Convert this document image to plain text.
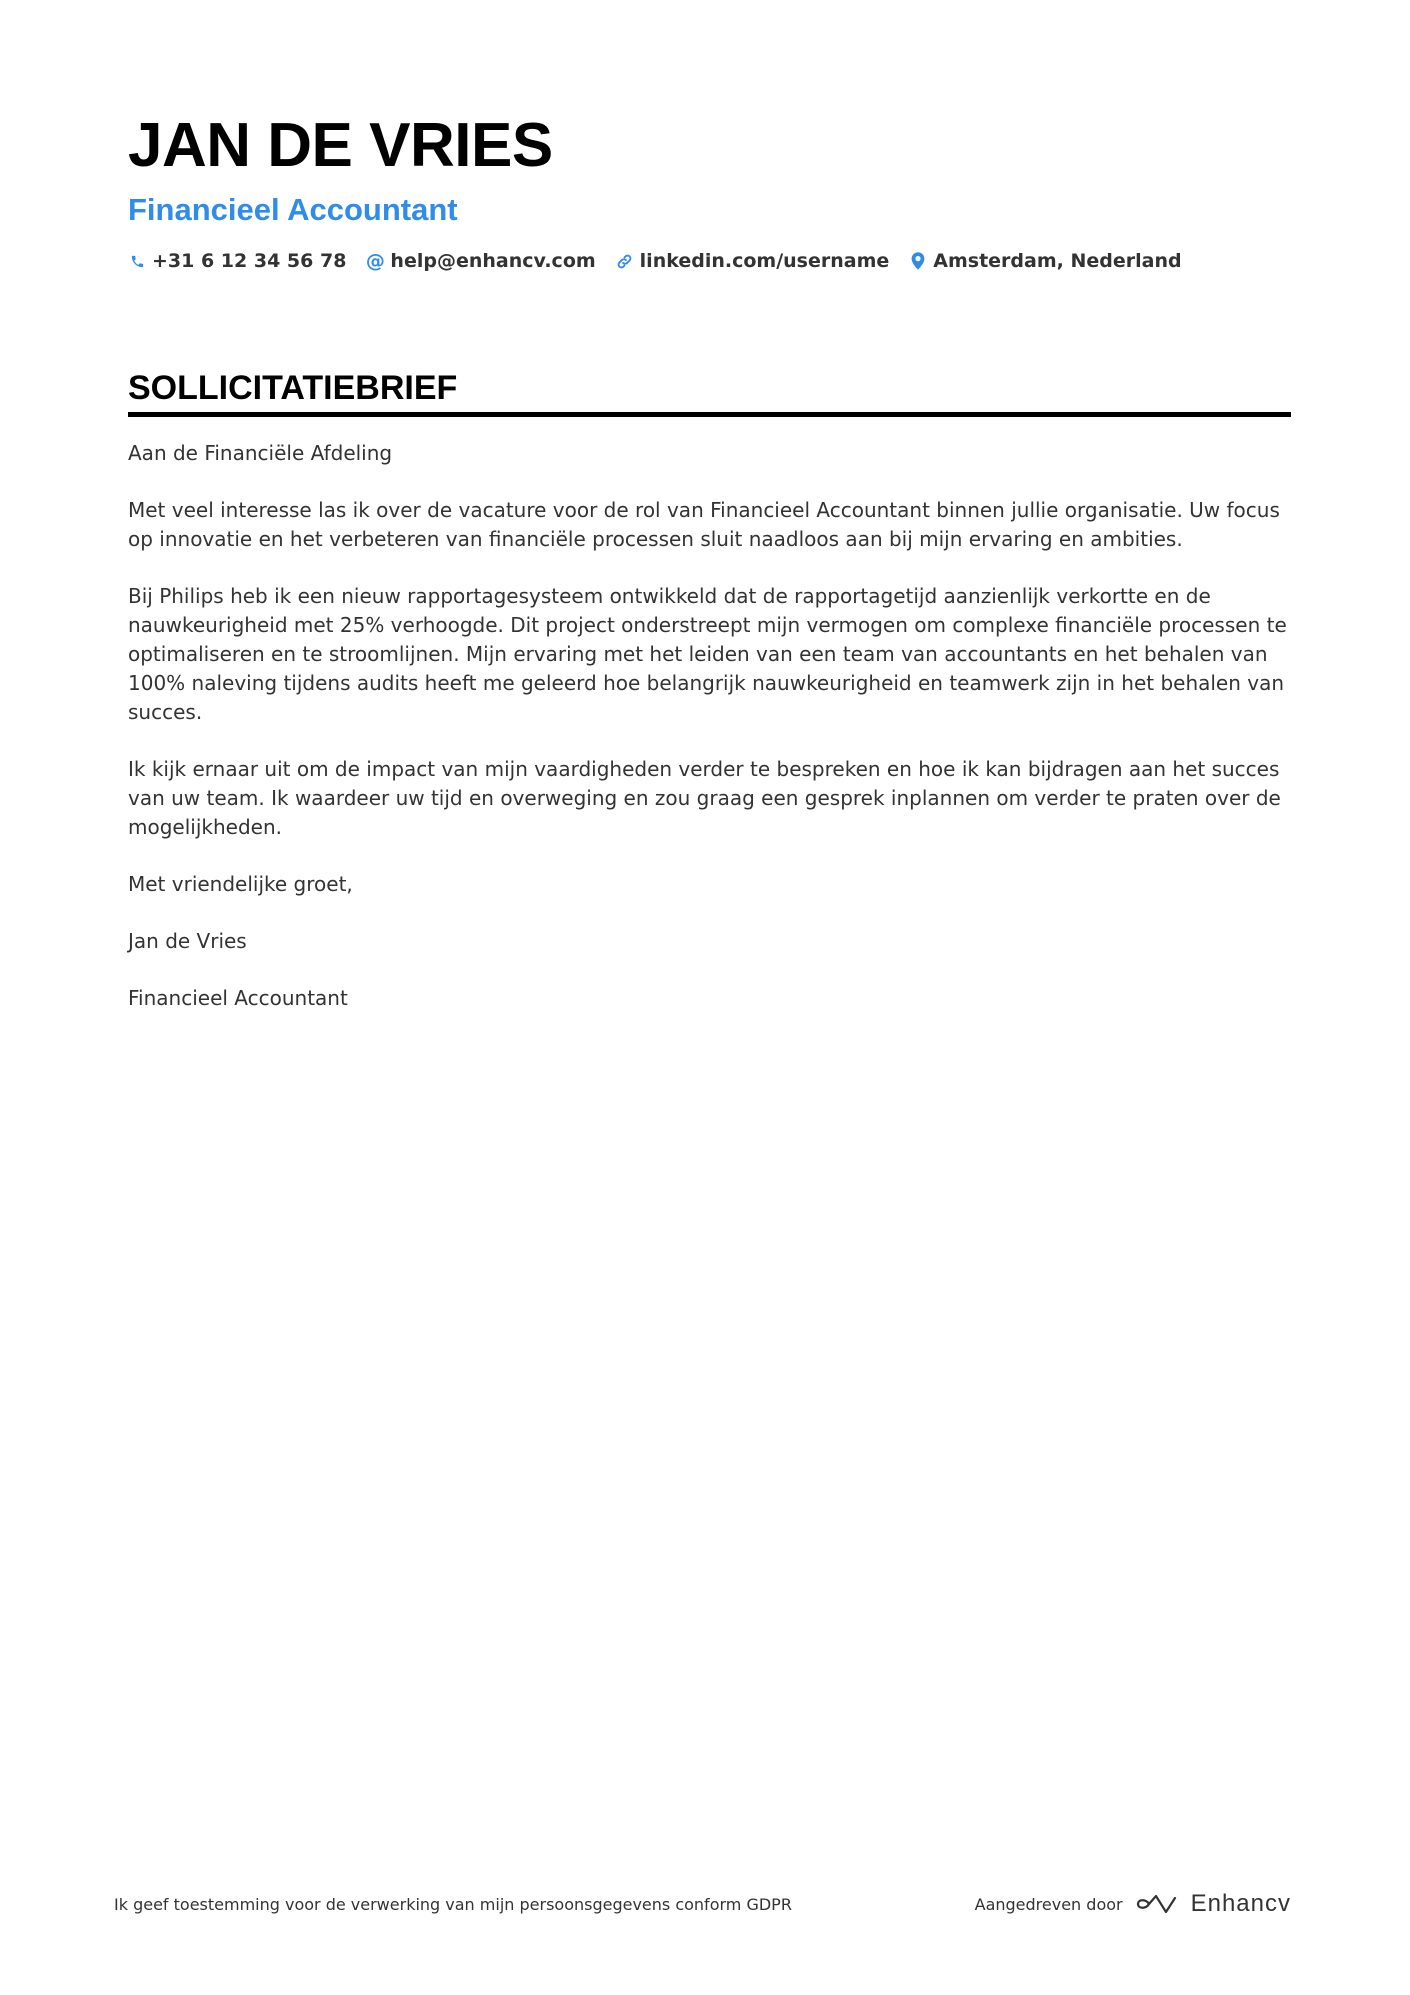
JAN DE VRIES
Financieel Accountant
+31 6 12 34 56 78 @ help@enhancv.com linkedin.com/username Amsterdam, Nederland
SOLLICITATIEBRIEF

Aan de Financiële Afdeling

Met veel interesse las ik over de vacature voor de rol van Financieel Accountant binnen jullie organisatie. Uw focus op innovatie en het verbeteren van financiële processen sluit naadloos aan bij mijn ervaring en ambities.

Bij Philips heb ik een nieuw rapportagesysteem ontwikkeld dat de rapportagetijd aanzienlijk verkortte en de nauwkeurigheid met 25% verhoogde. Dit project onderstreept mijn vermogen om complexe financiële processen te optimaliseren en te stroomlijnen. Mijn ervaring met het leiden van een team van accountants en het behalen van 100% naleving tijdens audits heeft me geleerd hoe belangrijk nauwkeurigheid en teamwerk zijn in het behalen van succes.

Ik kijk ernaar uit om de impact van mijn vaardigheden verder te bespreken en hoe ik kan bijdragen aan het succes van uw team. Ik waardeer uw tijd en overweging en zou graag een gesprek inplannen om verder te praten over de mogelijkheden.

Met vriendelijke groet,

Jan de Vries

Financieel Accountant

Ik geef toestemming voor de verwerking van mijn persoonsgegevens conform GDPR	Aangedreven door	Enhancv
